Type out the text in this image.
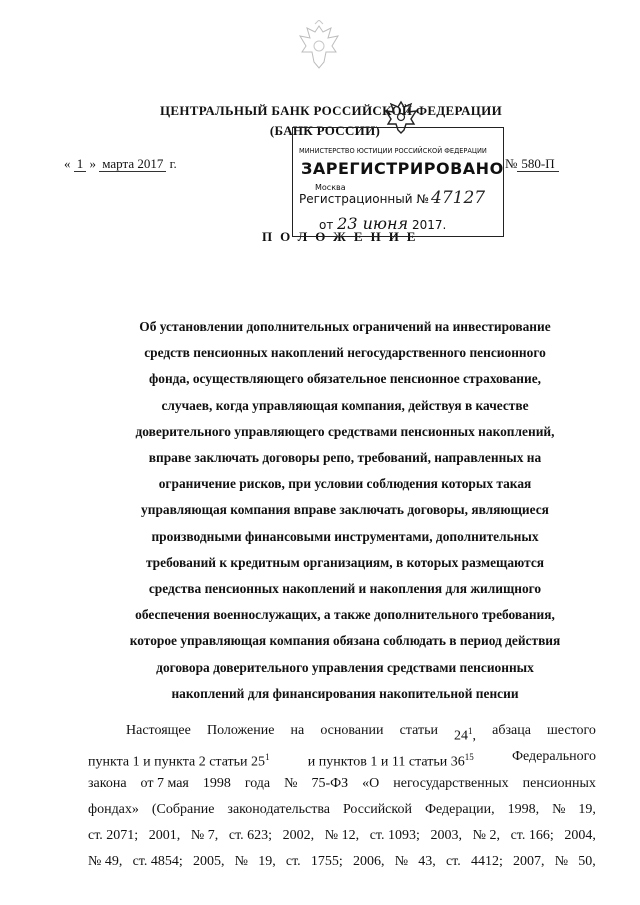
ЦЕНТРАЛЬНЫЙ БАНК РОССИЙСКОЙ ФЕДЕРАЦИИ
(БАНК РОССИИ)
« 1 » марта 2017 г.	№ 580-П
ПОЛОЖЕНИЕ
МИНИСТЕРСТВО ЮСТИЦИИ РОССИЙСКОЙ ФЕДЕРАЦИИ
ЗАРЕГИСТРИРОВАНО
Москва
Регистрационный № 47127
от 23 июня 2017.
Об установлении дополнительных ограничений на инвестирование
средств пенсионных накоплений негосударственного пенсионного
фонда, осуществляющего обязательное пенсионное страхование,
случаев, когда управляющая компания, действуя в качестве
доверительного управляющего средствами пенсионных накоплений,
вправе заключать договоры репо, требований, направленных на
ограничение рисков, при условии соблюдения которых такая
управляющая компания вправе заключать договоры, являющиеся
производными финансовыми инструментами, дополнительных
требований к кредитным организациям, в которых размещаются
средства пенсионных накоплений и накопления для жилищного
обеспечения военнослужащих, а также дополнительного требования,
которое управляющая компания обязана соблюдать в период действия
договора доверительного управления средствами пенсионных
накоплений для финансирования накопительной пенсии
Настоящее Положение на основании статьи $24^1$, абзаца шестого
пункта 1 и пункта 2 статьи $25^1$	и пунктов 1 и 11 статьи $36^{15}$	Федерального
закона от 7 мая 1998 года № 75-ФЗ «О негосударственных пенсионных
фондах» (Собрание законодательства Российской Федерации, 1998, № 19,
ст. 2071; 2001, № 7, ст. 623; 2002, № 12, ст. 1093; 2003, № 2, ст. 166; 2004,
№ 49, ст. 4854; 2005, № 19, ст. 1755; 2006, № 43, ст. 4412; 2007, № 50,
